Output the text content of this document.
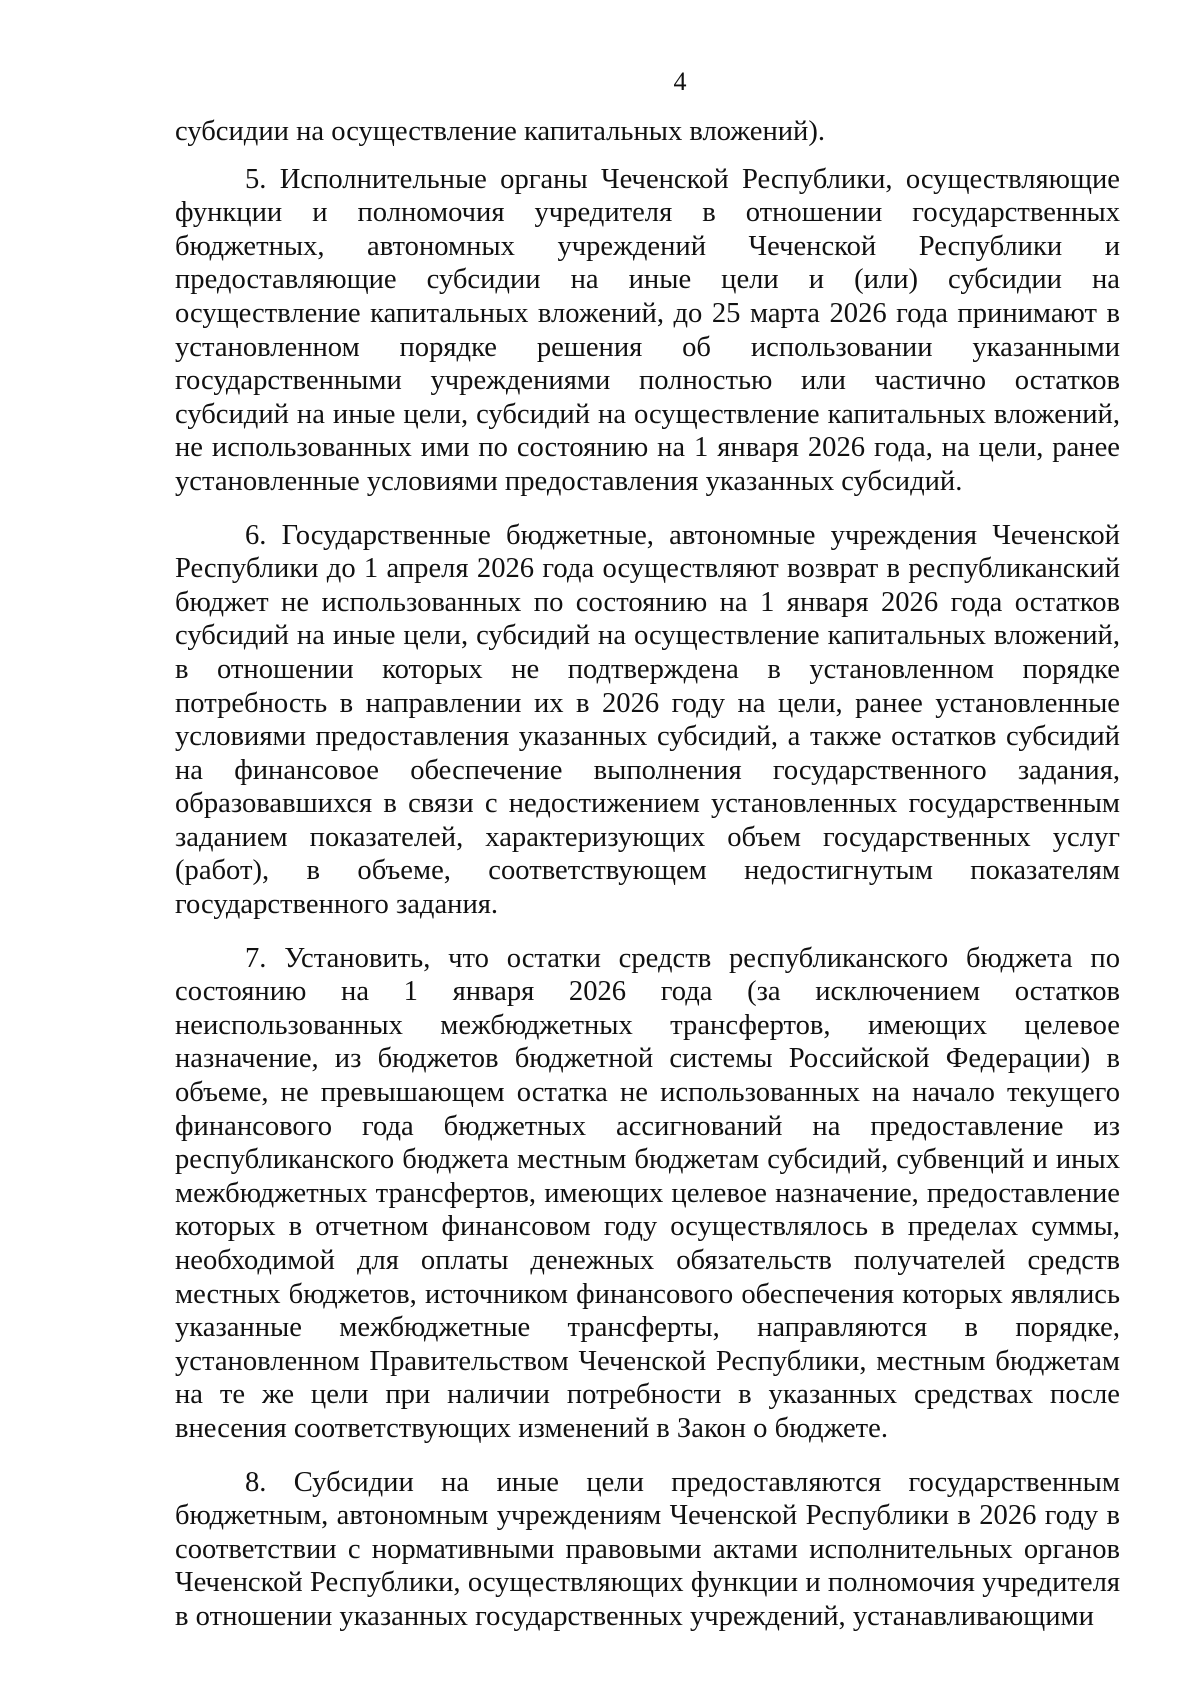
4

субсидии на осуществление капитальных вложений).

5. Исполнительные органы Чеченской Республики, осуществляющие функции и полномочия учредителя в отношении государственных бюджетных, автономных учреждений Чеченской Республики и предоставляющие субсидии на иные цели и (или) субсидии на осуществление капитальных вложений, до 25 марта 2026 года принимают в установленном порядке решения об использовании указанными государственными учреждениями полностью или частично остатков субсидий на иные цели, субсидий на осуществление капитальных вложений, не использованных ими по состоянию на 1 января 2026 года, на цели, ранее установленные условиями предоставления указанных субсидий.

6. Государственные бюджетные, автономные учреждения Чеченской Республики до 1 апреля 2026 года осуществляют возврат в республиканский бюджет не использованных по состоянию на 1 января 2026 года остатков субсидий на иные цели, субсидий на осуществление капитальных вложений, в отношении которых не подтверждена в установленном порядке потребность в направлении их в 2026 году на цели, ранее установленные условиями предоставления указанных субсидий, а также остатков субсидий на финансовое обеспечение выполнения государственного задания, образовавшихся в связи с недостижением установленных государственным заданием показателей, характеризующих объем государственных услуг (работ), в объеме, соответствующем недостигнутым показателям государственного задания.

7. Установить, что остатки средств республиканского бюджета по состоянию на 1 января 2026 года (за исключением остатков неиспользованных межбюджетных трансфертов, имеющих целевое назначение, из бюджетов бюджетной системы Российской Федерации) в объеме, не превышающем остатка не использованных на начало текущего финансового года бюджетных ассигнований на предоставление из республиканского бюджета местным бюджетам субсидий, субвенций и иных межбюджетных трансфертов, имеющих целевое назначение, предоставление которых в отчетном финансовом году осуществлялось в пределах суммы, необходимой для оплаты денежных обязательств получателей средств местных бюджетов, источником финансового обеспечения которых являлись указанные межбюджетные трансферты, направляются в порядке, установленном Правительством Чеченской Республики, местным бюджетам на те же цели при наличии потребности в указанных средствах после внесения соответствующих изменений в Закон о бюджете.

8. Субсидии на иные цели предоставляются государственным бюджетным, автономным учреждениям Чеченской Республики в 2026 году в соответствии с нормативными правовыми актами исполнительных органов Чеченской Республики, осуществляющих функции и полномочия учредителя в отношении указанных государственных учреждений, устанавливающими
